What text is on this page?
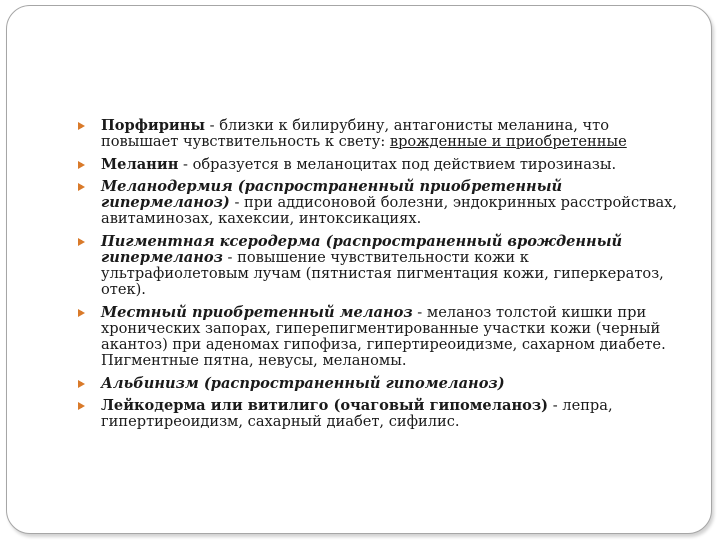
Порфирины - близки к билирубину, антагонисты меланина, что повышает чувствительность к свету: врожденные и приобретенные
Меланин - образуется в меланоцитах под действием тирозиназы.
Меланодермия (распространенный приобретенный гипермеланоз) - при аддисоновой болезни, эндокринных расстройствах, авитаминозах, кахексии, интоксикациях.
Пигментная ксеродерма (распространенный врожденный гипермеланоз - повышение чувствительности кожи к ультрафиолетовым лучам (пятнистая пигментация кожи, гиперкератоз, отек).
Местный приобретенный меланоз - меланоз толстой кишки при хронических запорах, гиперепигментированные участки кожи (черный акантоз) при аденомах гипофиза, гипертиреоидизме, сахарном диабете. Пигментные пятна, невусы, меланомы.
Альбинизм (распространенный гипомеланоз)
Лейкодерма или витилиго (очаговый гипомеланоз) - лепра, гипертиреоидизм, сахарный диабет, сифилис.
